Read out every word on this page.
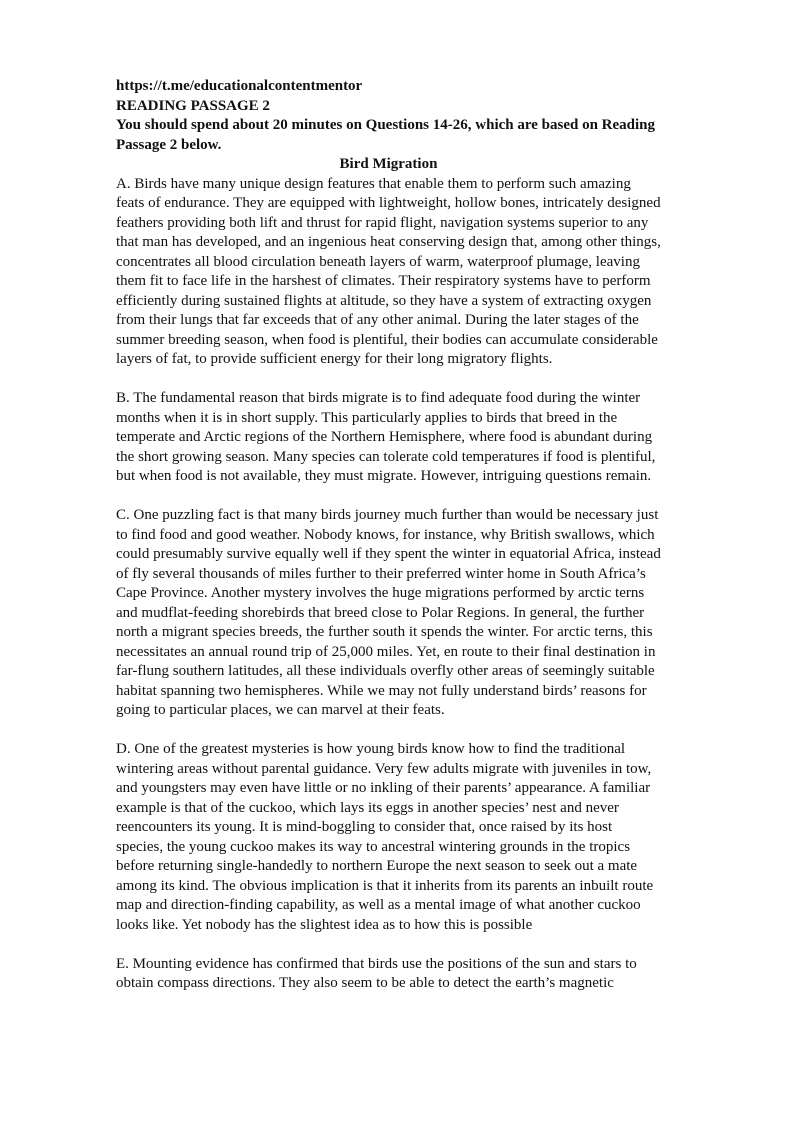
https://t.me/educationalcontentmentor

READING PASSAGE 2

You should spend about 20 minutes on Questions 14-26, which are based on Reading Passage 2 below.

Bird Migration

A. Birds have many unique design features that enable them to perform such amazing feats of endurance. They are equipped with lightweight, hollow bones, intricately designed feathers providing both lift and thrust for rapid flight, navigation systems superior to any that man has developed, and an ingenious heat conserving design that, among other things, concentrates all blood circulation beneath layers of warm, waterproof plumage, leaving them fit to face life in the harshest of climates. Their respiratory systems have to perform efficiently during sustained flights at altitude, so they have a system of extracting oxygen from their lungs that far exceeds that of any other animal. During the later stages of the summer breeding season, when food is plentiful, their bodies can accumulate considerable layers of fat, to provide sufficient energy for their long migratory flights.

B. The fundamental reason that birds migrate is to find adequate food during the winter months when it is in short supply. This particularly applies to birds that breed in the temperate and Arctic regions of the Northern Hemisphere, where food is abundant during the short growing season. Many species can tolerate cold temperatures if food is plentiful, but when food is not available, they must migrate. However, intriguing questions remain.

C. One puzzling fact is that many birds journey much further than would be necessary just to find food and good weather. Nobody knows, for instance, why British swallows, which could presumably survive equally well if they spent the winter in equatorial Africa, instead of fly several thousands of miles further to their preferred winter home in South Africa’s Cape Province. Another mystery involves the huge migrations performed by arctic terns and mudflat-feeding shorebirds that breed close to Polar Regions. In general, the further north a migrant species breeds, the further south it spends the winter. For arctic terns, this necessitates an annual round trip of 25,000 miles. Yet, en route to their final destination in far-flung southern latitudes, all these individuals overfly other areas of seemingly suitable habitat spanning two hemispheres. While we may not fully understand birds’ reasons for going to particular places, we can marvel at their feats.

D. One of the greatest mysteries is how young birds know how to find the traditional wintering areas without parental guidance. Very few adults migrate with juveniles in tow, and youngsters may even have little or no inkling of their parents’ appearance. A familiar example is that of the cuckoo, which lays its eggs in another species’ nest and never reencounters its young. It is mind-boggling to consider that, once raised by its host species, the young cuckoo makes its way to ancestral wintering grounds in the tropics before returning single-handedly to northern Europe the next season to seek out a mate among its kind. The obvious implication is that it inherits from its parents an inbuilt route map and direction-finding capability, as well as a mental image of what another cuckoo looks like. Yet nobody has the slightest idea as to how this is possible

E. Mounting evidence has confirmed that birds use the positions of the sun and stars to obtain compass directions. They also seem to be able to detect the earth’s magnetic
